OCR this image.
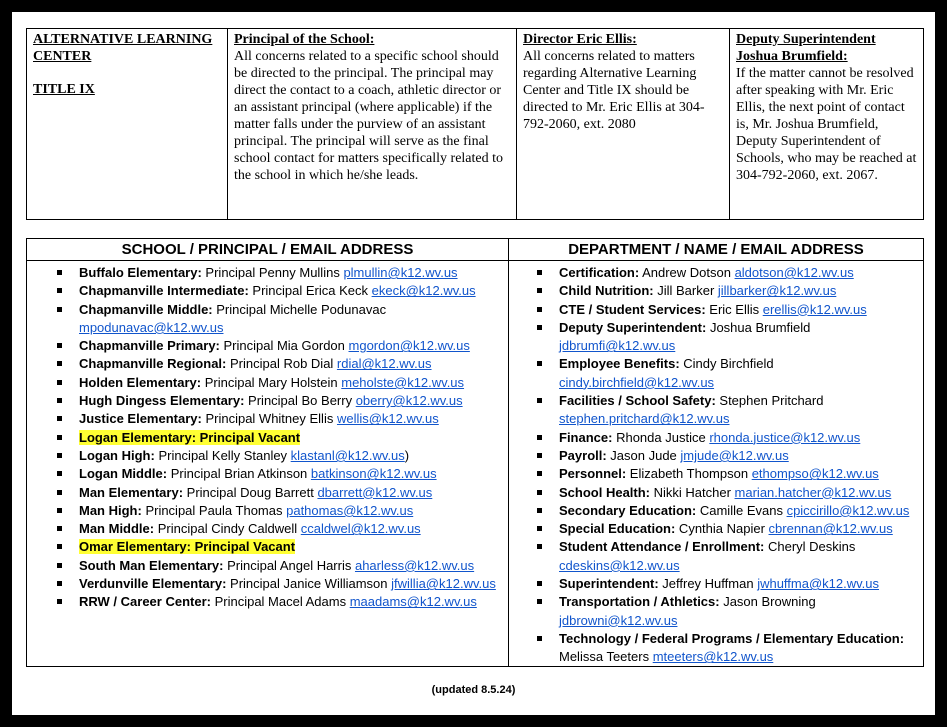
ALTERNATIVE LEARNING CENTER
TITLE IX
Principal of the School:
All concerns related to a specific school should be directed to the principal. The principal may direct the contact to a coach, athletic director or an assistant principal (where applicable) if the matter falls under the purview of an assistant principal. The principal will serve as the final school contact for matters specifically related to the school in which he/she leads.
Director Eric Ellis:
All concerns related to matters regarding Alternative Learning Center and Title IX should be directed to Mr. Eric Ellis at 304-792-2060, ext. 2080
Deputy Superintendent Joshua Brumfield:
If the matter cannot be resolved after speaking with Mr. Eric Ellis, the next point of contact is, Mr. Joshua Brumfield, Deputy Superintendent of Schools, who may be reached at 304-792-2060, ext. 2067.
SCHOOL / PRINCIPAL / EMAIL ADDRESS
Buffalo Elementary: Principal Penny Mullins plmullin@k12.wv.us
Chapmanville Intermediate: Principal Erica Keck ekeck@k12.wv.us
Chapmanville Middle: Principal Michelle Podunavac mpodunavac@k12.wv.us
Chapmanville Primary: Principal Mia Gordon mgordon@k12.wv.us
Chapmanville Regional: Principal Rob Dial rdial@k12.wv.us
Holden Elementary: Principal Mary Holstein meholste@k12.wv.us
Hugh Dingess Elementary: Principal Bo Berry oberry@k12.wv.us
Justice Elementary: Principal Whitney Ellis wellis@k12.wv.us
Logan Elementary: Principal Vacant
Logan High: Principal Kelly Stanley klastanl@k12.wv.us)
Logan Middle: Principal Brian Atkinson batkinson@k12.wv.us
Man Elementary: Principal Doug Barrett dbarrett@k12.wv.us
Man High: Principal Paula Thomas pathomas@k12.wv.us
Man Middle: Principal Cindy Caldwell ccaldwel@k12.wv.us
Omar Elementary: Principal Vacant
South Man Elementary: Principal Angel Harris aharless@k12.wv.us
Verdunville Elementary: Principal Janice Williamson jfwillia@k12.wv.us
RRW / Career Center: Principal Macel Adams maadams@k12.wv.us
DEPARTMENT / NAME / EMAIL ADDRESS
Certification: Andrew Dotson aldotson@k12.wv.us
Child Nutrition: Jill Barker jillbarker@k12.wv.us
CTE / Student Services: Eric Ellis erellis@k12.wv.us
Deputy Superintendent: Joshua Brumfield jdbrumfi@k12.wv.us
Employee Benefits: Cindy Birchfield cindy.birchfield@k12.wv.us
Facilities / School Safety: Stephen Pritchard stephen.pritchard@k12.wv.us
Finance: Rhonda Justice rhonda.justice@k12.wv.us
Payroll: Jason Jude jmjude@k12.wv.us
Personnel: Elizabeth Thompson ethompso@k12.wv.us
School Health: Nikki Hatcher marian.hatcher@k12.wv.us
Secondary Education: Camille Evans cpiccirillo@k12.wv.us
Special Education: Cynthia Napier cbrennan@k12.wv.us
Student Attendance / Enrollment: Cheryl Deskins cdeskins@k12.wv.us
Superintendent: Jeffrey Huffman jwhuffma@k12.wv.us
Transportation / Athletics: Jason Browning jdbrowni@k12.wv.us
Technology / Federal Programs / Elementary Education: Melissa Teeters mteeters@k12.wv.us
(updated 8.5.24)
